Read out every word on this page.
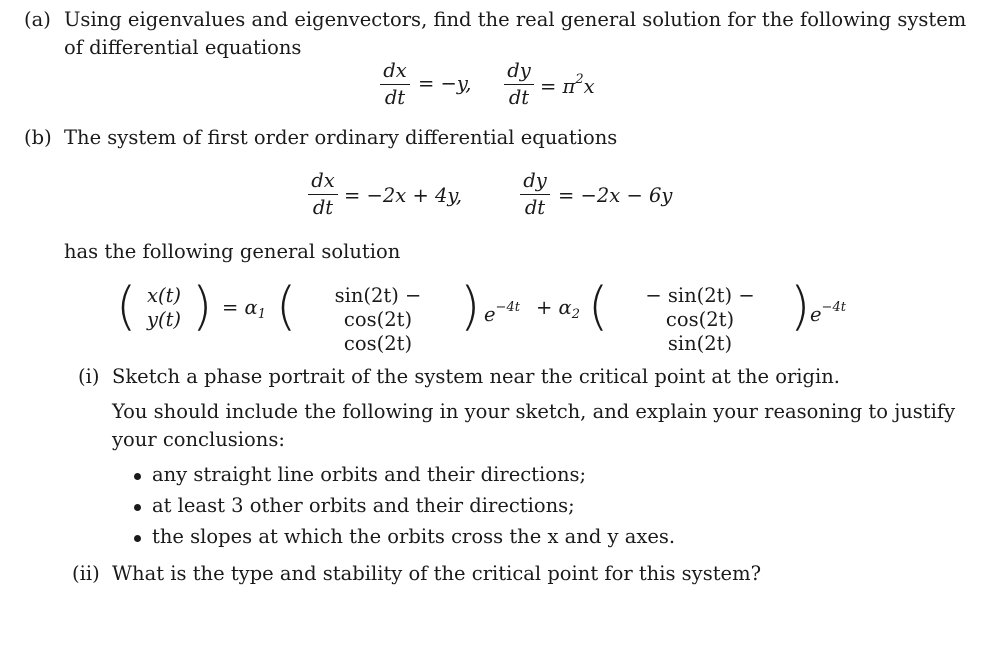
(a) Using eigenvalues and eigenvectors, find the real general solution for the following system
of differential equations
dx
dt
= −y,
dy
dt = $\pi^2x$
(b) The system of first order ordinary differential equations
dx
dt
= −2x + 4y,
dy
dt
= −2x − 6y
has the following general solution
( x(t)
y(t) ) = $\alpha_1$ (	sin(2t) − cos(2t)
cos(2t)
) $e^{-4t} + \alpha_2$ (	− sin(2t) − cos(2t)
sin(2t)
) $e^{-4t}$
(i) Sketch a phase portrait of the system near the critical point at the origin.
You should include the following in your sketch, and explain your reasoning to justify
your conclusions:
any straight line orbits and their directions;
at least 3 other orbits and their directions;
the slopes at which the orbits cross the x and y axes.
(ii) What is the type and stability of the critical point for this system?
